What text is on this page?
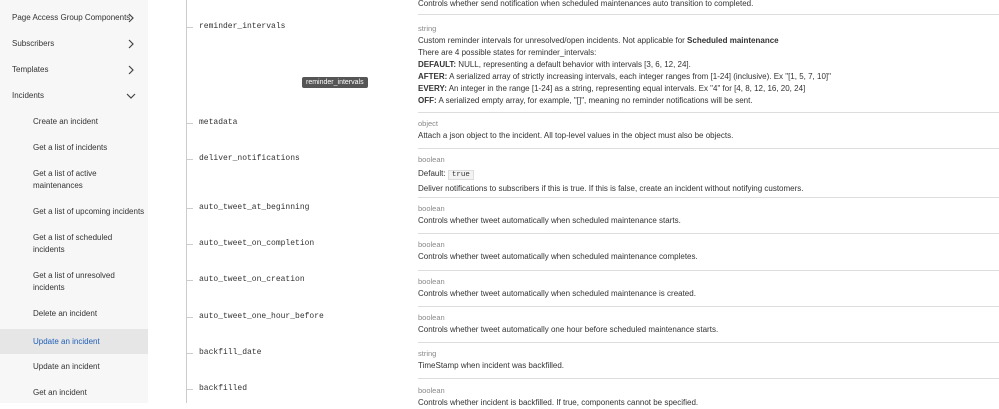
Page Access Group Components
Subscribers
Templates
Incidents
Create an incident
Get a list of incidents
Get a list of active maintenances
Get a list of upcoming incidents
Get a list of scheduled incidents
Get a list of unresolved incidents
Delete an incident
Update an incident
Update an incident
Get an incident
reminder_intervals
reminder_intervals
metadata
deliver_notifications
auto_tweet_at_beginning
auto_tweet_on_completion
auto_tweet_on_creation
auto_tweet_one_hour_before
backfill_date
backfilled
Controls whether send notification when scheduled maintenances auto transition to completed.
string
Custom reminder intervals for unresolved/open incidents. Not applicable for Scheduled maintenance
There are 4 possible states for reminder_intervals:
DEFAULT: NULL, representing a default behavior with intervals [3, 6, 12, 24].
AFTER: A serialized array of strictly increasing intervals, each integer ranges from [1-24] (inclusive). Ex "[1, 5, 7, 10]"
EVERY: An integer in the range [1-24] as a string, representing equal intervals. Ex "4" for [4, 8, 12, 16, 20, 24]
OFF: A serialized empty array, for example, "[]", meaning no reminder notifications will be sent.
object
Attach a json object to the incident. All top-level values in the object must also be objects.
boolean
Default: true
Deliver notifications to subscribers if this is true. If this is false, create an incident without notifying customers.
boolean
Controls whether tweet automatically when scheduled maintenance starts.
boolean
Controls whether tweet automatically when scheduled maintenance completes.
boolean
Controls whether tweet automatically when scheduled maintenance is created.
boolean
Controls whether tweet automatically one hour before scheduled maintenance starts.
string
TimeStamp when incident was backfilled.
boolean
Controls whether incident is backfilled. If true, components cannot be specified.
